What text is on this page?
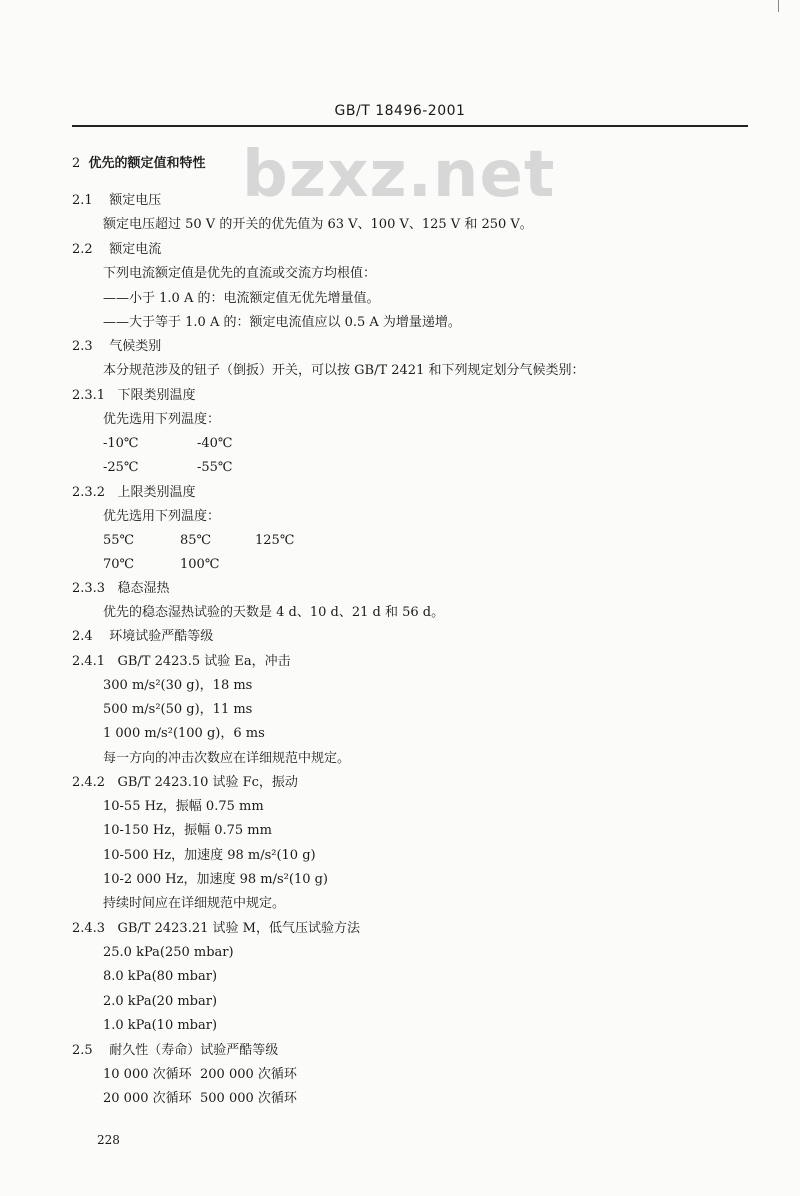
GB/T 18496-2001
bzxz.net
2 优先的额定值和特性
2.1 额定电压
额定电压超过 50 V 的开关的优先值为 63 V、100 V、125 V 和 250 V。
2.2 额定电流
下列电流额定值是优先的直流或交流方均根值：
——小于 1.0 A 的：电流额定值无优先增量值。
——大于等于 1.0 A 的：额定电流值应以 0.5 A 为增量递增。
2.3 气候类别
本分规范涉及的钮子（倒扳）开关，可以按 GB/T 2421 和下列规定划分气候类别：
2.3.1 下限类别温度
优先选用下列温度：
-10℃	-40℃
-25℃	-55℃
2.3.2 上限类别温度
优先选用下列温度：
55℃	85℃	125℃
70℃	100℃
2.3.3 稳态湿热
优先的稳态湿热试验的天数是 4 d、10 d、21 d 和 56 d。
2.4 环境试验严酷等级
2.4.1 GB/T 2423.5 试验 Ea，冲击
300 m/s²(30 g)，18 ms
500 m/s²(50 g)，11 ms
1 000 m/s²(100 g)，6 ms
每一方向的冲击次数应在详细规范中规定。
2.4.2 GB/T 2423.10 试验 Fc，振动
10-55 Hz，振幅 0.75 mm
10-150 Hz，振幅 0.75 mm
10-500 Hz，加速度 98 m/s²(10 g)
10-2 000 Hz，加速度 98 m/s²(10 g)
持续时间应在详细规范中规定。
2.4.3 GB/T 2423.21 试验 M，低气压试验方法
25.0 kPa(250 mbar)
8.0 kPa(80 mbar)
2.0 kPa(20 mbar)
1.0 kPa(10 mbar)
2.5 耐久性（寿命）试验严酷等级
10 000 次循环 200 000 次循环
20 000 次循环 500 000 次循环
228
